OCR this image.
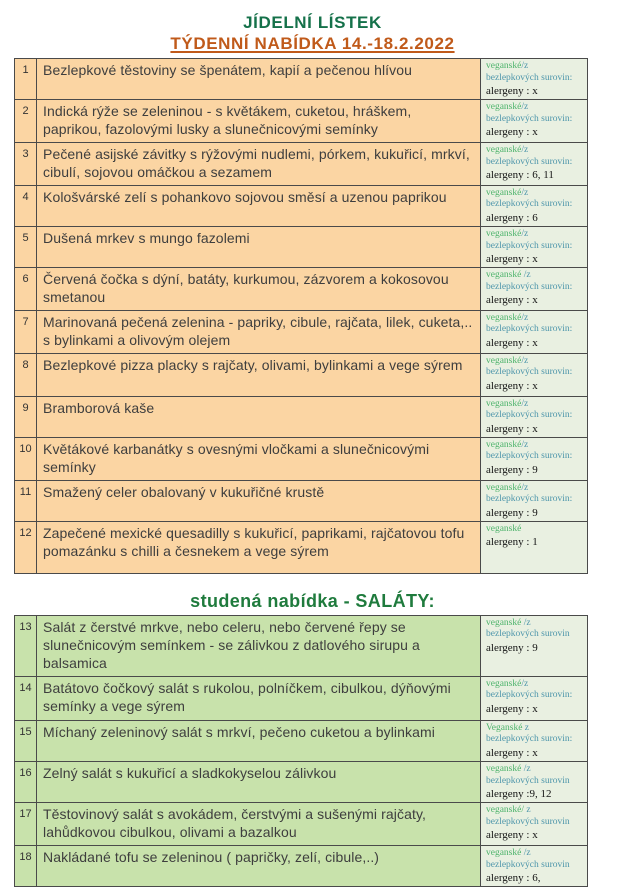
JÍDELNÍ LÍSTEK
TÝDENNÍ NABÍDKA 14.-18.2.2022
1	Bezlepkové těstoviny se špenátem, kapií a pečenou hlívou	veganské/z bezlepkových surovin:
alergeny : x
2	Indická rýže se zeleninou - s květákem, cuketou, hráškem, paprikou, fazolovými lusky a slunečnicovými semínky
veganské/z bezlepkových surovin:
alergeny : x
3	Pečené asijské závitky s rýžovými nudlemi, pórkem, kukuřicí, mrkví, cibulí, sojovou omáčkou a sezamem
veganské/z bezlepkových surovin:
alergeny : 6, 11
4	Kološvárské zelí s pohankovo sojovou směsí a uzenou paprikou	veganské/z bezlepkových surovin:
alergeny : 6
5	Dušená mrkev s mungo fazolemi	veganské/z bezlepkových surovin:
alergeny : x
6	Červená čočka s dýní, batáty, kurkumou, zázvorem a kokosovou smetanou
veganské /z bezlepkových surovin:
alergeny : x
7	Marinovaná pečená zelenina - papriky, cibule, rajčata, lilek, cuketa,.. s bylinkami a olivovým olejem
veganské/z bezlepkových surovin:
alergeny : x
8	Bezlepkové pizza placky s rajčaty, olivami, bylinkami a vege sýrem	veganské/z bezlepkových surovin:
alergeny : x
9	Bramborová kaše	veganské/z bezlepkových surovin:
alergeny : x
10 Květákové karbanátky s ovesnými vločkami a slunečnicovými semínky
veganské/z bezlepkových surovin:
alergeny : 9
11 Smažený celer obalovaný v kukuřičné krustě	veganské/z bezlepkových surovin:
alergeny : 9
12 Zapečené mexické quesadilly s kukuřicí, paprikami, rajčatovou tofu pomazánku s chilli a česnekem a vege sýrem
veganské
alergeny : 1
studená nabídka - SALÁTY:
13 Salát z čerstvé mrkve, nebo celeru, nebo červené řepy se slunečnicovým semínkem - se zálivkou z datlového sirupu a balsamica
veganské /z bezlepkových surovin
alergeny : 9
14 Batátovo čočkový salát s rukolou, polníčkem, cibulkou, dýňovými semínky a vege sýrem
veganské/z bezlepkových surovin:
alergeny : x
15 Míchaný zeleninový salát s mrkví, pečeno cuketou a bylinkami	Veganské z bezlepkových surovin:
alergeny : x
16 Zelný salát s kukuřicí a sladkokyselou zálivkou	veganské /z bezlepkových surovin
alergeny :9, 12
17 Těstovinový salát s avokádem, čerstvými a sušenými rajčaty, lahůdkovou cibulkou, olivami a bazalkou
veganské/ z bezlepkových surovin
alergeny : x
18 Nakládané tofu se zeleninou ( papričky, zelí, cibule,..)	veganské /z bezlepkových surovin
alergeny : 6,
